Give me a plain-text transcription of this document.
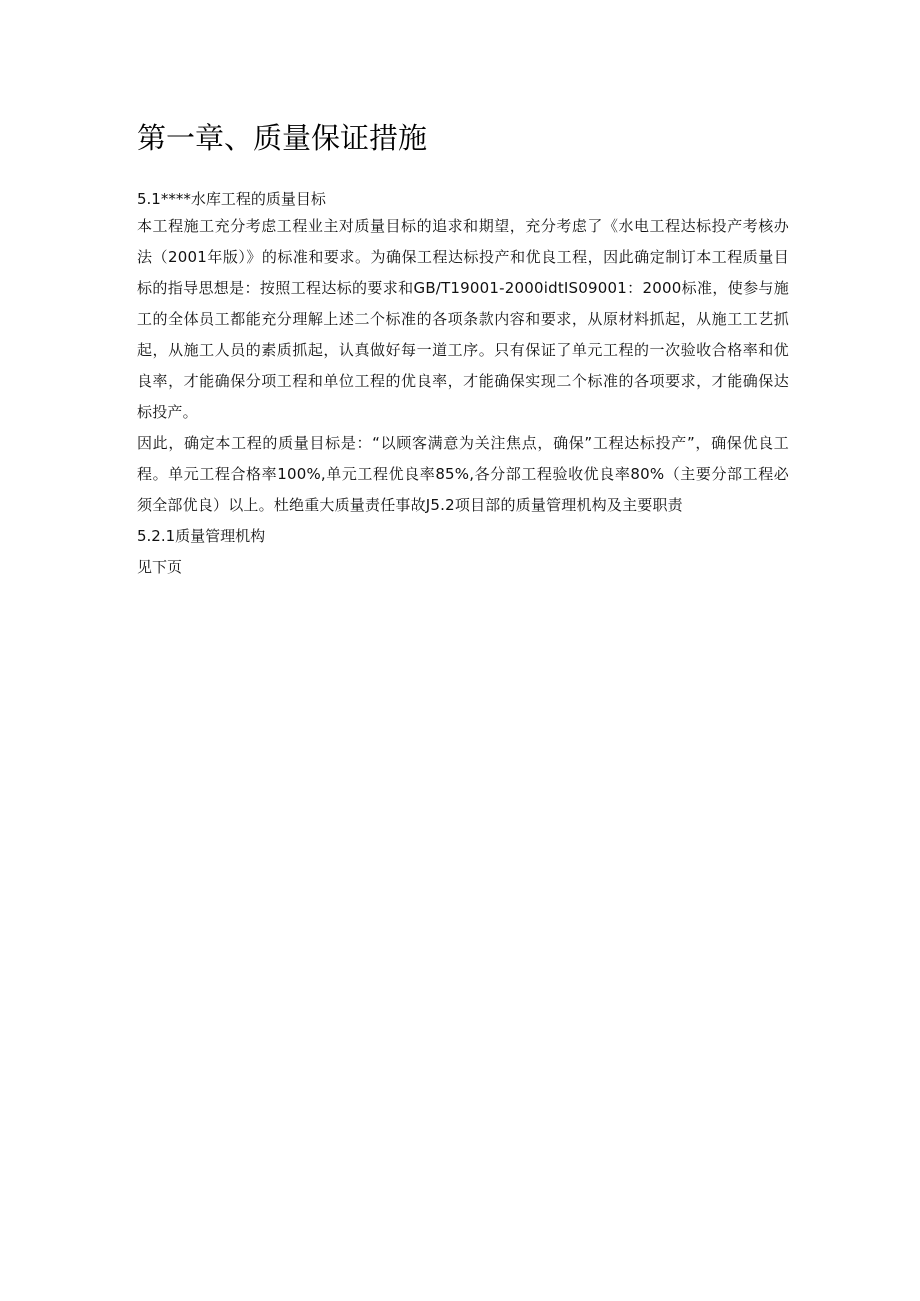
第一章、质量保证措施
5.1****水库工程的质量目标

本工程施工充分考虑工程业主对质量目标的追求和期望，充分考虑了《水电工程达标投产考核办法（2001年版）》的标准和要求。为确保工程达标投产和优良工程，因此确定制订本工程质量目标的指导思想是：按照工程达标的要求和GB/T19001-2000idtIS09001：2000标准，使参与施工的全体员工都能充分理解上述二个标准的各项条款内容和要求，从原材料抓起，从施工工艺抓起，从施工人员的素质抓起，认真做好每一道工序。只有保证了单元工程的一次验收合格率和优良率，才能确保分项工程和单位工程的优良率，才能确保实现二个标准的各项要求，才能确保达标投产。

因此，确定本工程的质量目标是：“以顾客满意为关注焦点，确保”工程达标投产”，确保优良工程。单元工程合格率100%,单元工程优良率85%,各分部工程验收优良率80%（主要分部工程必须全部优良）以上。杜绝重大质量责任事故J5.2项目部的质量管理机构及主要职责

5.2.1质量管理机构
见下页
